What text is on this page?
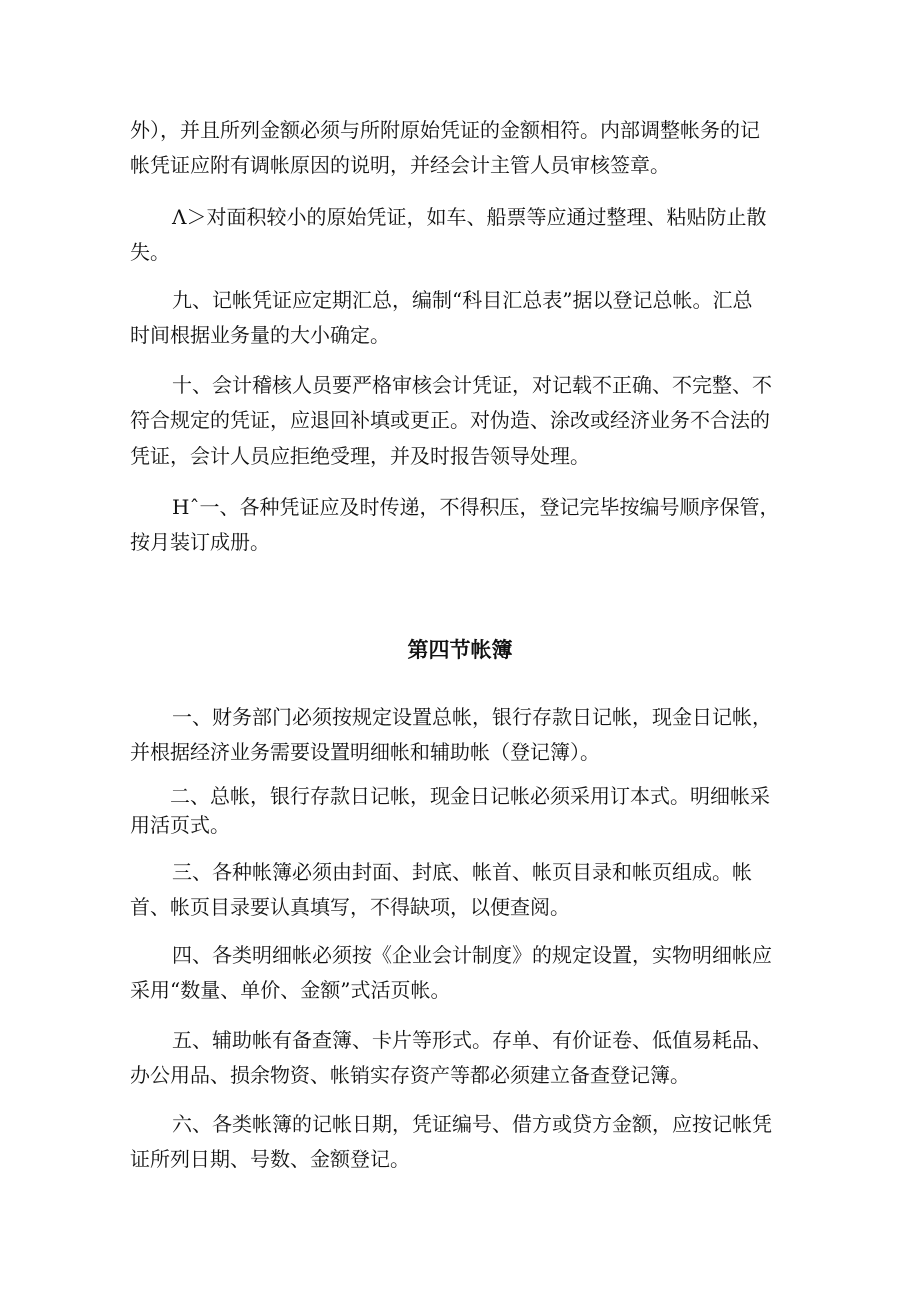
外），并且所列金额必须与所附原始凭证的金额相符。内部调整帐务的记

帐凭证应附有调帐原因的说明，并经会计主管人员审核签章。

Λ＞对面积较小的原始凭证，如车、船票等应通过整理、粘贴防止散

失。

九、记帐凭证应定期汇总，编制“科目汇总表”据以登记总帐。汇总

时间根据业务量的大小确定。

十、会计稽核人员要严格审核会计凭证，对记载不正确、不完整、不

符合规定的凭证，应退回补填或更正。对伪造、涂改或经济业务不合法的

凭证，会计人员应拒绝受理，并及时报告领导处理。

Hˆ一、各种凭证应及时传递，不得积压，登记完毕按编号顺序保管，

按月装订成册。

第四节帐簿

一、财务部门必须按规定设置总帐，银行存款日记帐，现金日记帐，

并根据经济业务需要设置明细帐和辅助帐（登记簿）。

二、总帐，银行存款日记帐，现金日记帐必须采用订本式。明细帐采

用活页式。

三、各种帐簿必须由封面、封底、帐首、帐页目录和帐页组成。帐

首、帐页目录要认真填写，不得缺项，以便查阅。

四、各类明细帐必须按《企业会计制度》的规定设置，实物明细帐应

采用“数量、单价、金额”式活页帐。

五、辅助帐有备查簿、卡片等形式。存单、有价证卷、低值易耗品、

办公用品、损余物资、帐销实存资产等都必须建立备查登记簿。

六、各类帐簿的记帐日期，凭证编号、借方或贷方金额，应按记帐凭

证所列日期、号数、金额登记。
